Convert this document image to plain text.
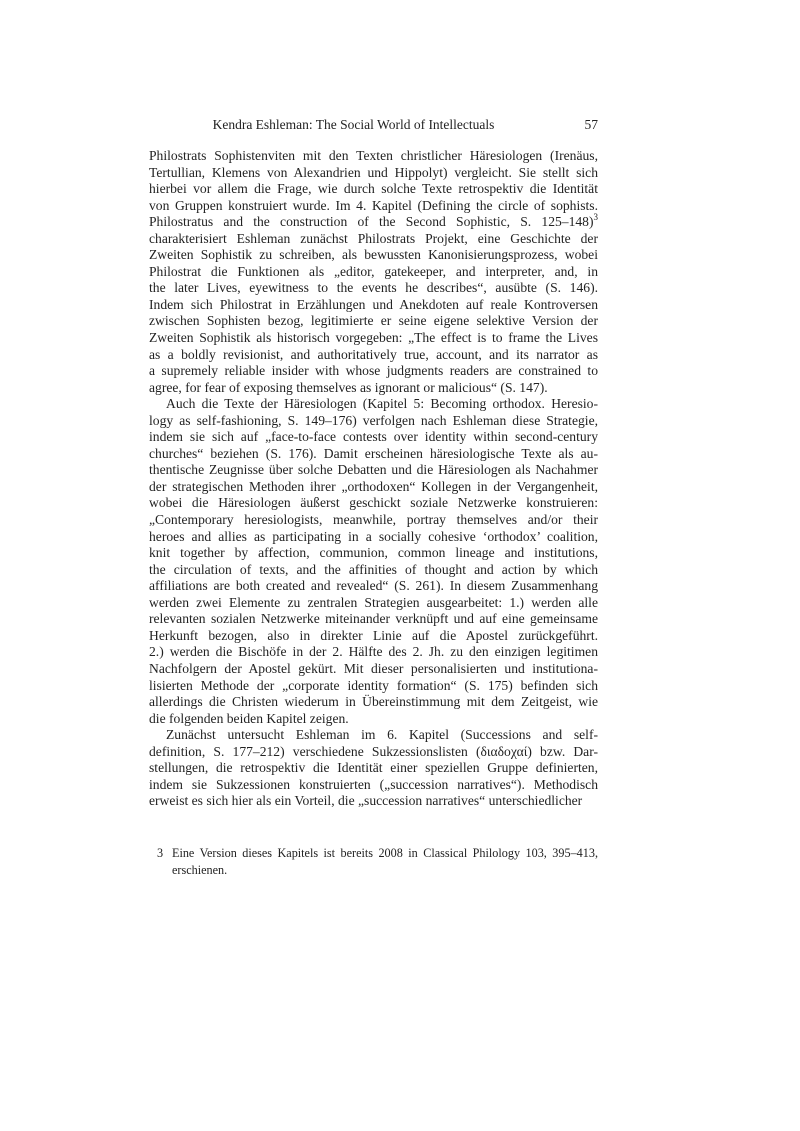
Kendra Eshleman: The Social World of Intellectuals	57
Philostrats Sophistenviten mit den Texten christlicher Häresiologen (Irenäus,
Tertullian, Klemens von Alexandrien und Hippolyt) vergleicht. Sie stellt sich
hierbei vor allem die Frage, wie durch solche Texte retrospektiv die Identität
von Gruppen konstruiert wurde. Im 4. Kapitel (Defining the circle of sophists.
Philostratus and the construction of the Second Sophistic, S. 125–148)$^3$
charakterisiert Eshleman zunächst Philostrats Projekt, eine Geschichte der
Zweiten Sophistik zu schreiben, als bewussten Kanonisierungsprozess, wobei
Philostrat die Funktionen als „editor, gatekeeper, and interpreter, and, in
the later Lives, eyewitness to the events he describes“, ausübte (S. 146).
Indem sich Philostrat in Erzählungen und Anekdoten auf reale Kontroversen
zwischen Sophisten bezog, legitimierte er seine eigene selektive Version der
Zweiten Sophistik als historisch vorgegeben: „The effect is to frame the Lives
as a boldly revisionist, and authoritatively true, account, and its narrator as
a supremely reliable insider with whose judgments readers are constrained to
agree, for fear of exposing themselves as ignorant or malicious“ (S. 147).
Auch die Texte der Häresiologen (Kapitel 5: Becoming orthodox. Heresio-
logy as self-fashioning, S. 149–176) verfolgen nach Eshleman diese Strategie,
indem sie sich auf „face-to-face contests over identity within second-century
churches“ beziehen (S. 176). Damit erscheinen häresiologische Texte als au-
thentische Zeugnisse über solche Debatten und die Häresiologen als Nachahmer
der strategischen Methoden ihrer „orthodoxen“ Kollegen in der Vergangenheit,
wobei die Häresiologen äußerst geschickt soziale Netzwerke konstruieren:
„Contemporary heresiologists, meanwhile, portray themselves and/or their
heroes and allies as participating in a socially cohesive ‘orthodox’ coalition,
knit together by affection, communion, common lineage and institutions,
the circulation of texts, and the affinities of thought and action by which
affiliations are both created and revealed“ (S. 261). In diesem Zusammenhang
werden zwei Elemente zu zentralen Strategien ausgearbeitet: 1.) werden alle
relevanten sozialen Netzwerke miteinander verknüpft und auf eine gemeinsame
Herkunft bezogen, also in direkter Linie auf die Apostel zurückgeführt.
2.) werden die Bischöfe in der 2. Hälfte des 2. Jh. zu den einzigen legitimen
Nachfolgern der Apostel gekürt. Mit dieser personalisierten und institutiona-
lisierten Methode der „corporate identity formation“ (S. 175) befinden sich
allerdings die Christen wiederum in Übereinstimmung mit dem Zeitgeist, wie
die folgenden beiden Kapitel zeigen.
Zunächst untersucht Eshleman im 6. Kapitel (Successions and self-
definition, S. 177–212) verschiedene Sukzessionslisten (διαδοχαί) bzw. Dar-
stellungen, die retrospektiv die Identität einer speziellen Gruppe definierten,
indem sie Sukzessionen konstruierten („succession narratives“). Methodisch
erweist es sich hier als ein Vorteil, die „succession narratives“ unterschiedlicher
3 Eine Version dieses Kapitels ist bereits 2008 in Classical Philology 103, 395–413,
erschienen.
